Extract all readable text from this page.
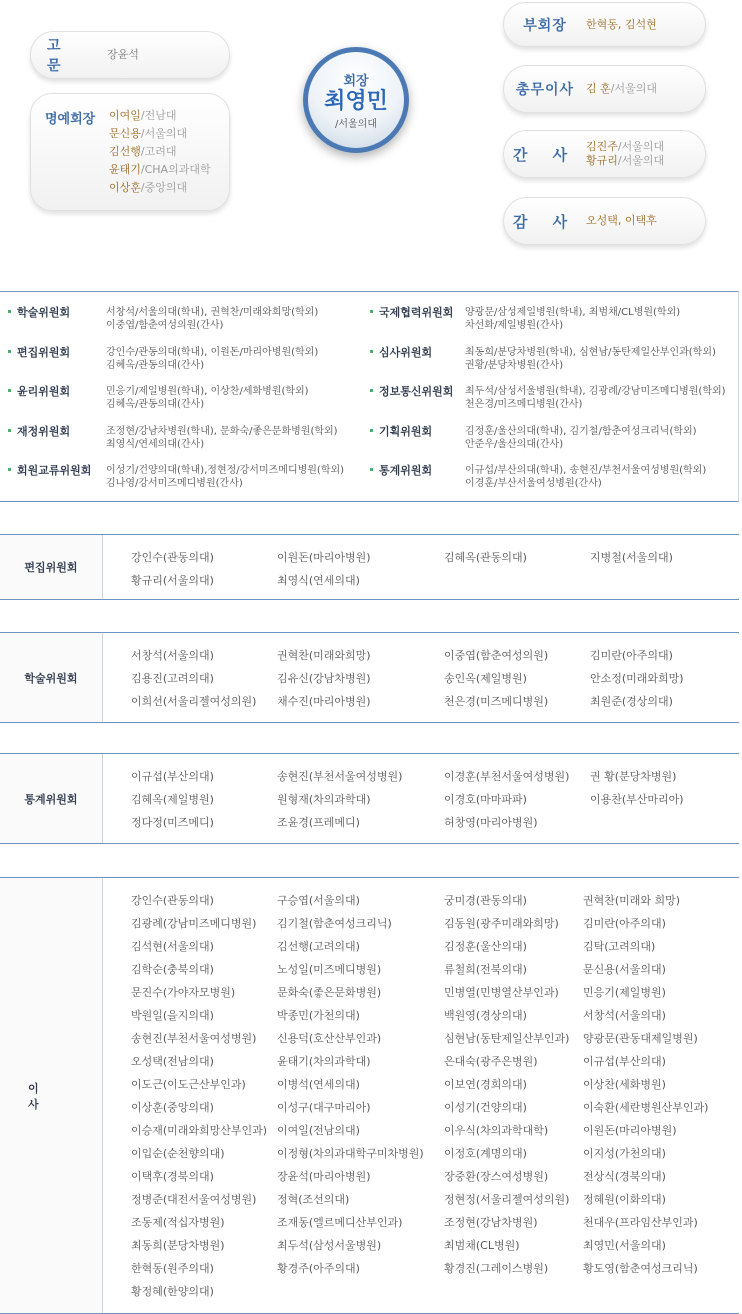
고 문
장윤석
명예회장	이여일/전남대
문신용/서울의대
김선행/고려대
윤태기/CHA의과대학
이상훈/중앙의대
회장
최영민
/서울의대
부회장	한혁동, 김석현
총무이사	김 훈/서울의대
간 사 김진주/서울의대
황규리/서울의대
감 사 오성택, 이택후
학술위원회	서창석/서울의대(학내), 권혁찬/미래와희망(학외)
이중엽/함춘여성의원(간사)
국제협력위원회	양광문/삼성제일병원(학내), 최범채/CL병원(학외)
차선화/제일병원(간사)
편집위원회	강인수/관동의대(학내), 이원돈/마리아병원(학외)
김혜옥/관동의대(간사)
심사위원회	최동희/분당차병원(학내), 심현남/동탄제일산부인과(학외)
권황/분당차병원(간사)
윤리위원회	민응기/제일병원(학내), 이상찬/세화병원(학외)
김혜옥/관동의대(간사)
정보통신위원회	최두석/삼성서울병원(학내), 김광례/강남미즈메디병원(학외)
천은경/미즈메디병원(간사)
재정위원회	조정현/강남차병원(학내), 문화숙/좋은문화병원(학외)
최영식/연세의대(간사)
기획위원회	김정훈/울산의대(학내), 김기철/함춘여성크리닉(학외)
안준우/울산의대(간사)
회원교류위원회	이성기/건양의대(학내),정현정/강서미즈메디병원(학외)
김나영/강서미즈메디병원(간사)
통계위원회	이규섭/부산의대(학내), 송현진/부천서울여성병원(학외)
이경훈/부산서울여성병원(간사)
편집위원회
강인수(관동의대)	이원돈(마리아병원)	김혜옥(관동의대)	지병철(서울의대)
황규리(서울의대)	최영식(연세의대)
학술위원회
서창석(서울의대)	권혁찬(미래와희망)	이중엽(함춘여성의원)	김미란(아주의대)
김용진(고려의대)	김유신(강남차병원)	송인옥(제일병원)	안소정(미래와희망)
이희선(서울리젤여성의원)	채수진(마리아병원)	천은경(미즈메디병원)	최원준(경상의대)
통계위원회
이규섭(부산의대)	송현진(부천서울여성병원)	이경훈(부천서울여성병원)	권 황(분당차병원)
김혜옥(제일병원)	원형재(차의과학대)	이경호(마마파파)	이용찬(부산마리아)
정다정(미즈메디)	조윤경(프레메디)	허창영(마리아병원)
이 사
강인수(관동의대)	구승엽(서울의대)	궁미경(관동의대)	권혁찬(미래와 희망)
김광례(강남미즈메디병원)	김기철(함춘여성크리닉)	김동원(광주미래와희망)	김미란(아주의대)
김석현(서울의대)	김선행(고려의대)	김정훈(울산의대)	김탁(고려의대)
김학순(충북의대)	노성일(미즈메디병원)	류철희(전북의대)	문신용(서울의대)
문진수(가야자모병원)	문화숙(좋은문화병원)	민병열(민병열산부인과)	민응기(제일병원)
박원일(을지의대)	박종민(가천의대)	백원영(경상의대)	서창석(서울의대)
송현진(부천서울여성병원)	신용덕(호산산부인과)	심현남(동탄제일산부인과)	양광문(관동대제일병원)
오성택(전남의대)	윤태기(차의과학대)	은대숙(광주은병원)	이규섭(부산의대)
이도근(이도근산부인과)	이병석(연세의대)	이보연(경희의대)	이상찬(세화병원)
이상훈(중앙의대)	이성구(대구마리아)	이성기(건양의대)	이숙환(세란병원산부인과)
이승재(미래와희망산부인과) 이여일(전남의대)	이우식(차의과학대학)	이원돈(마리아병원)
이입순(순천향의대)	이정형(차의과대학구미차병원)	이정호(계명의대)	이지성(가천의대)
이택후(경북의대)	장윤석(마리아병원)	장중환(장스여성병원)	전상식(경북의대)
정병준(대전서울여성병원)	정혁(조선의대)	정현정(서울리젤여성의원)	정혜원(이화의대)
조동제(적십자병원)	조재동(엘르메디산부인과)	조정현(강남차병원)	천대우(프라임산부인과)
최동희(분당차병원)	최두석(삼성서울병원)	최범채(CL병원)	최영민(서울의대)
한혁동(원주의대)	황경주(아주의대)	황경진(그레이스병원)	황도영(함춘여성크리닉)
황정혜(한양의대)
